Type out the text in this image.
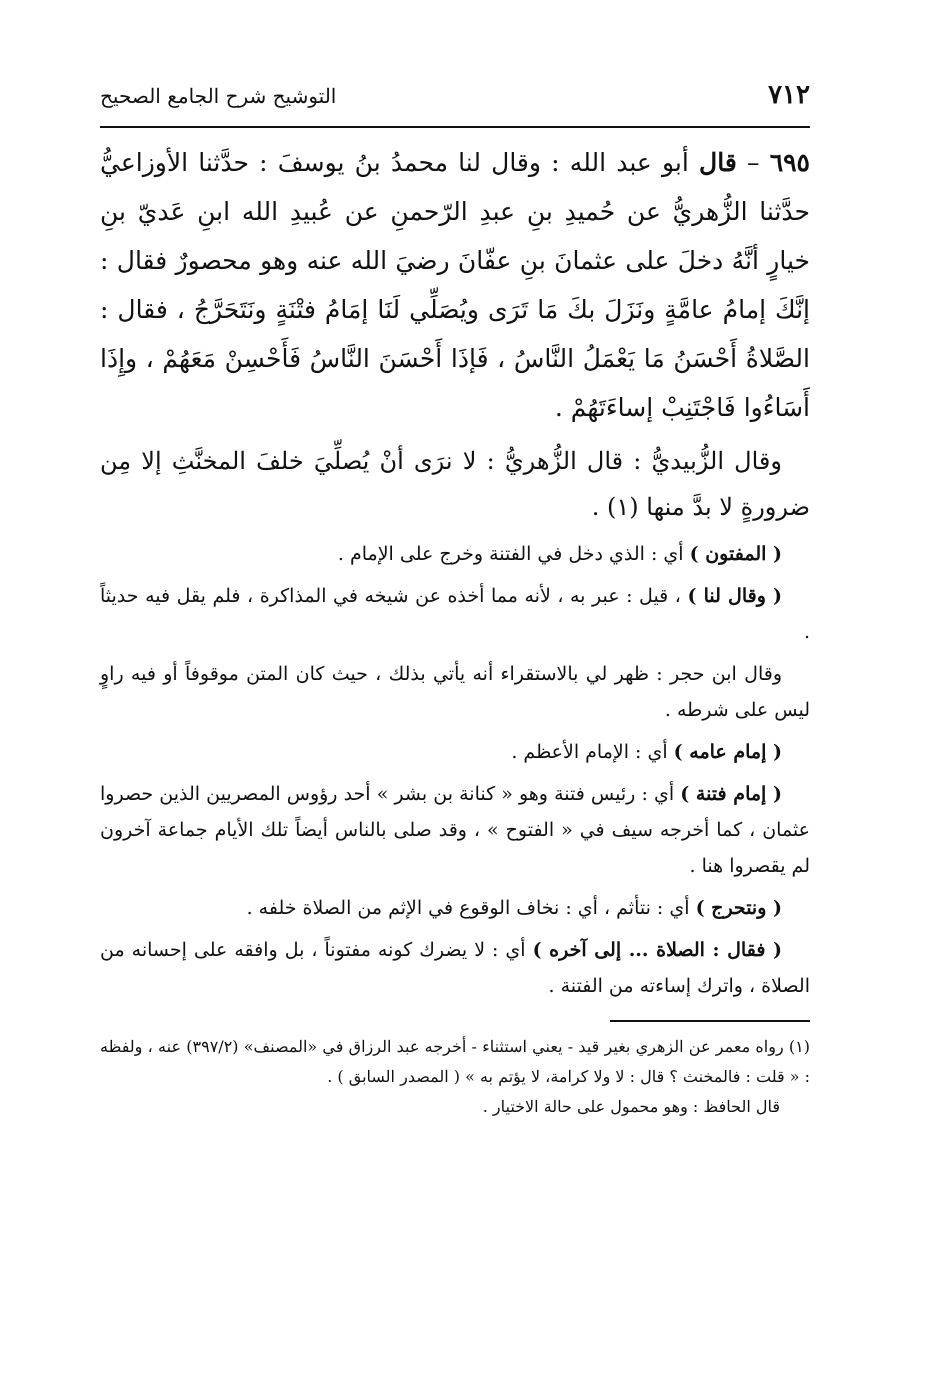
٧١٢
التوشيح شرح الجامع الصحيح

٦٩٥ – قال أبو عبد الله : وقال لنا محمدُ بنُ يوسفَ : حدَّثنا الأوزاعيُّ حدَّثنا الزُّهريُّ عن حُميدِ بنِ عبدِ الرّحمنِ عن عُبيدِ الله ابنِ عَديّ بنِ خيارٍ أنَّهُ دخلَ على عثمانَ بنِ عفّانَ رضيَ الله عنه وهو محصورٌ فقال : إنَّكَ إمامُ عامَّةٍ ونَزَلَ بكَ مَا تَرَى ويُصَلِّي لَنَا إمَامُ فتْنَةٍ ونَتَحَرَّجُ ، فقال : الصَّلاةُ أَحْسَنُ مَا يَعْمَلُ النَّاسُ ، فَإذَا أَحْسَنَ النَّاسُ فَأَحْسِنْ مَعَهُمْ ، وإِذَا أَسَاءُوا فَاجْتَنِبْ إساءَتَهُمْ .

وقال الزُّبيديُّ : قال الزُّهريُّ : لا نرَى أنْ يُصلِّيَ خلفَ المخنَّثِ إلا مِن ضرورةٍ لا بدَّ منها (١) .

( المفتون ) أي : الذي دخل في الفتنة وخرج على الإمام .

( وقال لنا ) ، قيل : عبر به ، لأنه مما أخذه عن شيخه في المذاكرة ، فلم يقل فيه حديثاً .

وقال ابن حجر : ظهر لي بالاستقراء أنه يأتي بذلك ، حيث كان المتن موقوفاً أو فيه راوٍ ليس على شرطه .

( إمام عامه ) أي : الإمام الأعظم .

( إمام فتنة ) أي : رئيس فتنة وهو « كنانة بن بشر » أحد رؤوس المصريين الذين حصروا عثمان ، كما أخرجه سيف في « الفتوح » ، وقد صلى بالناس أيضاً تلك الأيام جماعة آخرون لم يقصروا هنا .

( ونتحرج ) أي : نتأثم ، أي : نخاف الوقوع في الإثم من الصلاة خلفه .

( فقال : الصلاة ... إلى آخره ) أي : لا يضرك كونه مفتوناً ، بل وافقه على إحسانه من الصلاة ، واترك إساءته من الفتنة .

(١) رواه معمر عن الزهري بغير قيد - يعني استثناء - أخرجه عبد الرزاق في «المصنف» (٣٩٧/٢) عنه ، ولفظه : « قلت : فالمخنث ؟ قال : لا ولا كرامة، لا يؤتم به » ( المصدر السابق ) .

قال الحافظ : وهو محمول على حالة الاختيار .
